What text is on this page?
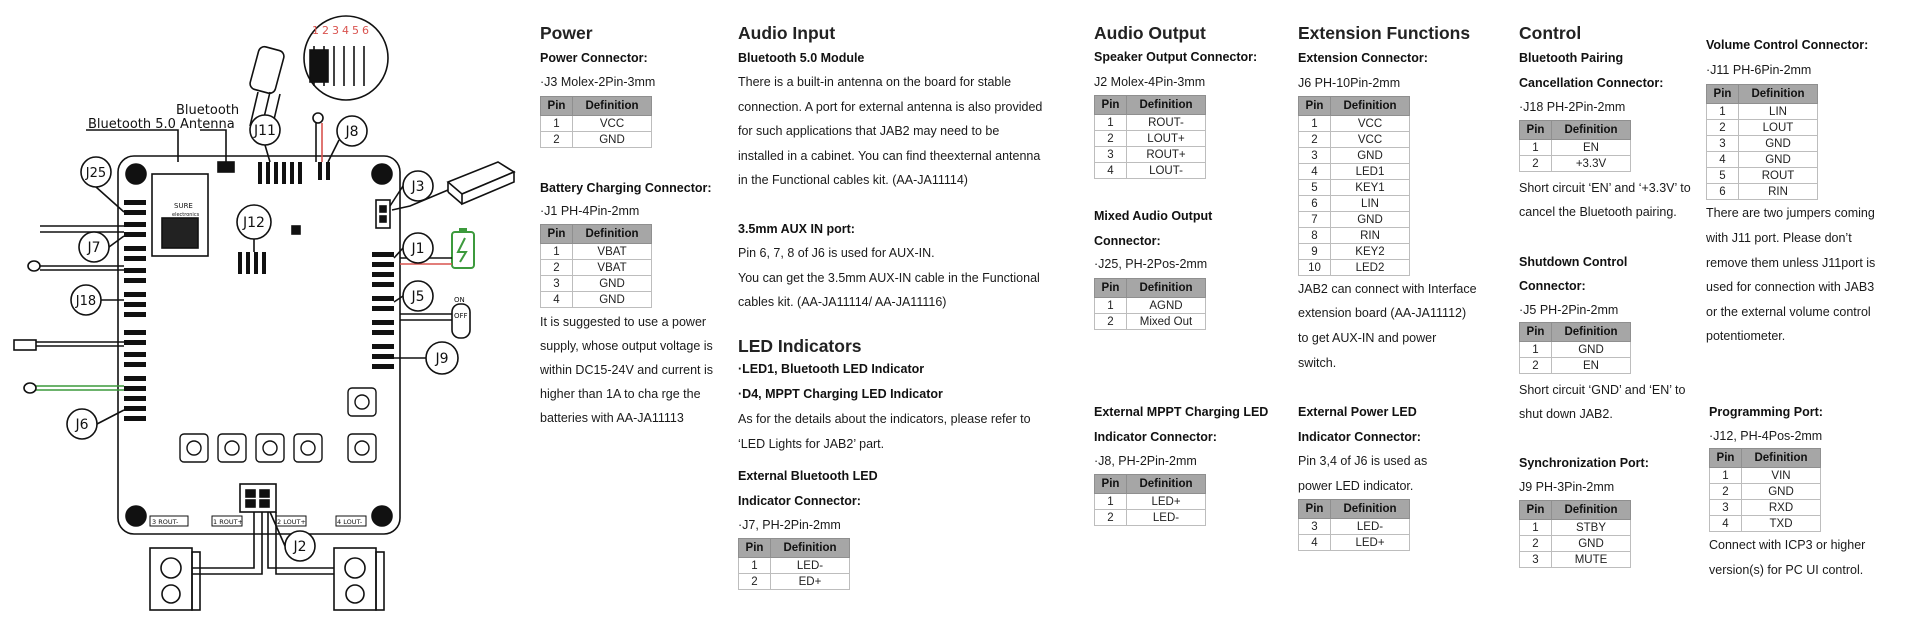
Bluetooth 5.0
Bluetooth
Antenna J11	J8
J25
J3
J12
J7	J1
J5
J18
J9
J6
J2
1 2 3 4 5 6
SURE
electronics
ON
OFF
3 ROUT-	1 ROUT+	2 LOUT+	4 LOUT-
Power
Power Connector:
·J3 Molex-2Pin-3mm
Pin	Definition
1	VCC
2	GND
Battery Charging Connector:
·J1 PH-4Pin-2mm
Pin	Definition
1	VBAT
2	VBAT
3	GND
4	GND
It is suggested to use a power
supply, whose output voltage is
within DC15-24V and current is
higher than 1A to cha rge the
batteries with AA-JA11113
Audio Input
Bluetooth 5.0 Module
There is a built-in antenna on the board for stable
connection. A port for external antenna is also provided
for such applications that JAB2 may need to be
installed in a cabinet. You can find theexternal antenna
in the Functional cables kit. (AA-JA11114)
3.5mm AUX IN port:
Pin 6, 7, 8 of J6 is used for AUX-IN.
You can get the 3.5mm AUX-IN cable in the Functional
cables kit. (AA-JA11114/ AA-JA11116)
LED Indicators
·LED1, Bluetooth LED Indicator
·D4, MPPT Charging LED Indicator
As for the details about the indicators, please refer to
‘LED Lights for JAB2’ part.
External Bluetooth LED
Indicator Connector:
·J7, PH-2Pin-2mm
Pin	Definition
1	LED-
2	ED+
Audio Output
Speaker Output Connector:
J2 Molex-4Pin-3mm
Pin	Definition
1	ROUT-
2	LOUT+
3	ROUT+
4	LOUT-
Mixed Audio Output
Connector:
·J25, PH-2Pos-2mm
Pin	Definition
1	AGND
2	Mixed Out
External MPPT Charging LED
Indicator Connector:
·J8, PH-2Pin-2mm
Pin	Definition
1	LED+
2	LED-
Extension Functions
Extension Connector:
J6 PH-10Pin-2mm
Pin	Definition
1	VCC
2	VCC
3	GND
4	LED1
5	KEY1
6	LIN
7	GND
8	RIN
9	KEY2
10	LED2
JAB2 can connect with Interface
extension board (AA-JA11112)
to get AUX-IN and power
switch.
External Power LED
Indicator Connector:
Pin 3,4 of J6 is used as
power LED indicator.
Pin	Definition
3	LED-
4	LED+
Control
Bluetooth Pairing
Cancellation Connector:
·J18 PH-2Pin-2mm
Pin	Definition
1	EN
2	+3.3V
Short circuit ‘EN’ and ‘+3.3V’ to
cancel the Bluetooth pairing.
Shutdown Control
Connector:
·J5 PH-2Pin-2mm
Pin	Definition
1	GND
2	EN
Short circuit ‘GND’ and ‘EN’ to
shut down JAB2.
Synchronization Port:
J9 PH-3Pin-2mm
Pin	Definition
1	STBY
2	GND
3	MUTE
Volume Control Connector:
·J11 PH-6Pin-2mm
Pin	Definition
1	LIN
2	LOUT
3	GND
4	GND
5	ROUT
6	RIN
There are two jumpers coming
with J11 port. Please don’t
remove them unless J11port is
used for connection with JAB3
or the external volume control
potentiometer.
Programming Port:
·J12, PH-4Pos-2mm
Pin	Definition
1	VIN
2	GND
3	RXD
4	TXD
Connect with ICP3 or higher
version(s) for PC UI control.
